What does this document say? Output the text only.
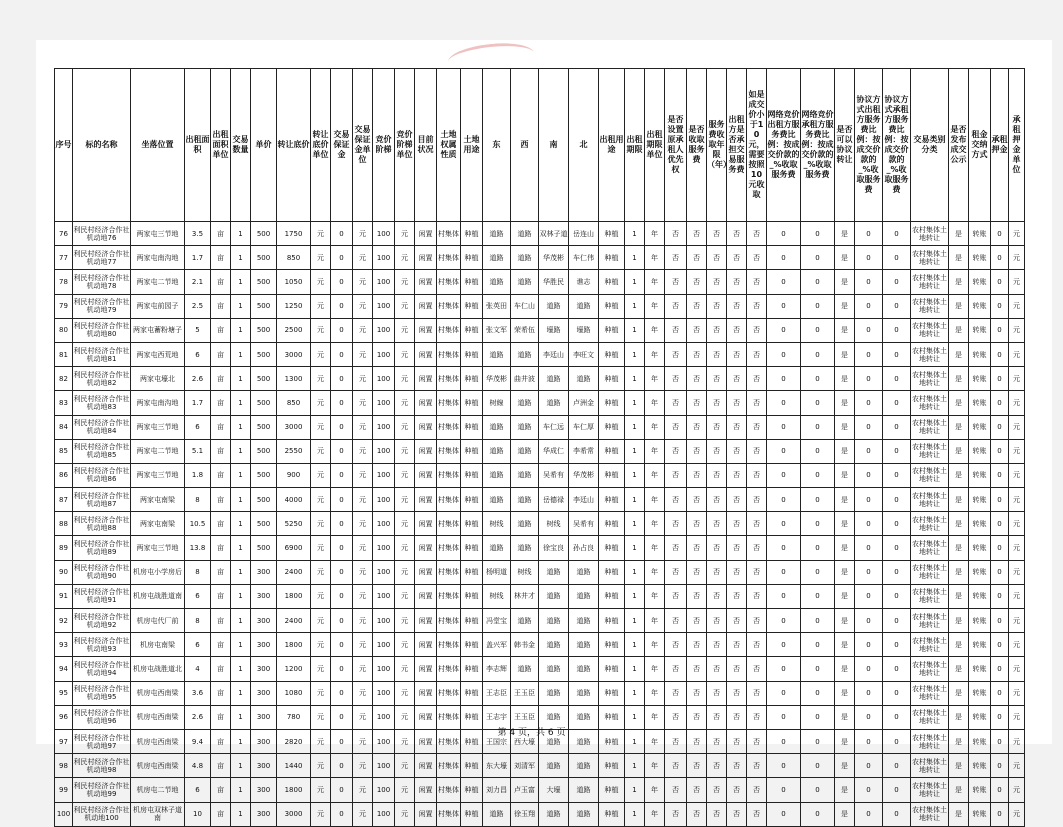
序号	标的名称	坐落位置	出租面积	出租面积单位	交易数量	单价	转让底价	转让底价单位	交易保证金	交易保证金单位	竞价阶梯	竞价阶梯单位	目前状况	土地权属性质	土地用途	东	西	南	北	出租用途	出租期限	出租期限单位	是否设置原承租人优先权	是否收取服务费	服务费收取年限（年）	出租方是否承担交易服务费	如是成交价小于10元，需要按照10元收取	网络竞价出租方服务费比例：按成交价款的_%收取服务费	网络竞价承租方服务费比例：按成交价款的_%收取服务费	是否可以协议转让	协议方式出租方服务费比例：按成交价款的_%收取服务费	协议方式承租方服务费比例：按成交价款的_%收取服务费	交易类别分类	是否发布成交公示	租金交纳方式	承租押金	承租押金单位
76	利民村经济合作社机动地76	两家屯三节地	3.5	亩	1	500	1750	元	0	元	100	元	闲置	村集体	种植	道路	道路	双林子道	岳连山	种植	1	年	否	否	否	否	否	0	0	是	0	0	农村集体土地转让	是	转账	0	元
77	利民村经济合作社机动地77	两家屯南沟地	1.7	亩	1	500	850	元	0	元	100	元	闲置	村集体	种植	道路	道路	华茂彬	车仁伟	种植	1	年	否	否	否	否	否	0	0	是	0	0	农村集体土地转让	是	转账	0	元
78	利民村经济合作社机动地78	两家屯二节地	2.1	亩	1	500	1050	元	0	元	100	元	闲置	村集体	种植	道路	道路	华胜民	谯志	种植	1	年	否	否	否	否	否	0	0	是	0	0	农村集体土地转让	是	转账	0	元
79	利民村经济合作社机动地79	两家屯前园子	2.5	亩	1	500	1250	元	0	元	100	元	闲置	村集体	种植	张英田	车仁山	道路	道路	种植	1	年	否	否	否	否	否	0	0	是	0	0	农村集体土地转让	是	转账	0	元
80	利民村经济合作社机动地80	两家屯蓄粉塘子	5	亩	1	500	2500	元	0	元	100	元	闲置	村集体	种植	张文军	荣希伍	壕路	壕路	种植	1	年	否	否	否	否	否	0	0	是	0	0	农村集体土地转让	是	转账	0	元
81	利民村经济合作社机动地81	两家屯西荒地	6	亩	1	500	3000	元	0	元	100	元	闲置	村集体	种植	道路	道路	李廷山	李旺文	种植	1	年	否	否	否	否	否	0	0	是	0	0	农村集体土地转让	是	转账	0	元
82	利民村经济合作社机动地82	两家屯壕北	2.6	亩	1	500	1300	元	0	元	100	元	闲置	村集体	种植	华茂彬	曲井波	道路	道路	种植	1	年	否	否	否	否	否	0	0	是	0	0	农村集体土地转让	是	转账	0	元
83	利民村经济合作社机动地83	两家屯南沟地	1.7	亩	1	500	850	元	0	元	100	元	闲置	村集体	种植	树線	道路	道路	卢洲金	种植	1	年	否	否	否	否	否	0	0	是	0	0	农村集体土地转让	是	转账	0	元
84	利民村经济合作社机动地84	两家屯三节地	6	亩	1	500	3000	元	0	元	100	元	闲置	村集体	种植	道路	道路	车仁远	车仁厚	种植	1	年	否	否	否	否	否	0	0	是	0	0	农村集体土地转让	是	转账	0	元
85	利民村经济合作社机动地85	两家屯二节地	5.1	亩	1	500	2550	元	0	元	100	元	闲置	村集体	种植	道路	道路	华成仁	李希常	种植	1	年	否	否	否	否	否	0	0	是	0	0	农村集体土地转让	是	转账	0	元
86	利民村经济合作社机动地86	两家屯三节地	1.8	亩	1	500	900	元	0	元	100	元	闲置	村集体	种植	道路	道路	吴希有	华茂彬	种植	1	年	否	否	否	否	否	0	0	是	0	0	农村集体土地转让	是	转账	0	元
87	利民村经济合作社机动地87	两家屯南梁	8	亩	1	500	4000	元	0	元	100	元	闲置	村集体	种植	道路	道路	岳德禄	李廷山	种植	1	年	否	否	否	否	否	0	0	是	0	0	农村集体土地转让	是	转账	0	元
88	利民村经济合作社机动地88	两家屯南梁	10.5	亩	1	500	5250	元	0	元	100	元	闲置	村集体	种植	树线	道路	树线	吴希有	种植	1	年	否	否	否	否	否	0	0	是	0	0	农村集体土地转让	是	转账	0	元
89	利民村经济合作社机动地89	两家屯三节地	13.8	亩	1	500	6900	元	0	元	100	元	闲置	村集体	种植	道路	道路	徐宝良	孙占良	种植	1	年	否	否	否	否	否	0	0	是	0	0	农村集体土地转让	是	转账	0	元
90	利民村经济合作社机动地90	机房屯小学房后	8	亩	1	300	2400	元	0	元	100	元	闲置	村集体	种植	杨明道	树线	道路	道路	种植	1	年	否	否	否	否	否	0	0	是	0	0	农村集体土地转让	是	转账	0	元
91	利民村经济合作社机动地91	机房屯战胜道南	6	亩	1	300	1800	元	0	元	100	元	闲置	村集体	种植	树线	林井才	道路	道路	种植	1	年	否	否	否	否	否	0	0	是	0	0	农村集体土地转让	是	转账	0	元
92	利民村经济合作社机动地92	机房屯代厂前	8	亩	1	300	2400	元	0	元	100	元	闲置	村集体	种植	冯堂宝	道路	道路	道路	种植	1	年	否	否	否	否	否	0	0	是	0	0	农村集体土地转让	是	转账	0	元
93	利民村经济合作社机动地93	机房屯南梁	6	亩	1	300	1800	元	0	元	100	元	闲置	村集体	种植	盖兴军	韩书金	道路	道路	种植	1	年	否	否	否	否	否	0	0	是	0	0	农村集体土地转让	是	转账	0	元
94	利民村经济合作社机动地94	机房屯战胜道北	4	亩	1	300	1200	元	0	元	100	元	闲置	村集体	种植	李志辉	道路	道路	道路	种植	1	年	否	否	否	否	否	0	0	是	0	0	农村集体土地转让	是	转账	0	元
95	利民村经济合作社机动地95	机房屯西南梁	3.6	亩	1	300	1080	元	0	元	100	元	闲置	村集体	种植	王志臣	王玉臣	道路	道路	种植	1	年	否	否	否	否	否	0	0	是	0	0	农村集体土地转让	是	转账	0	元
96	利民村经济合作社机动地96	机房屯西南梁	2.6	亩	1	300	780	元	0	元	100	元	闲置	村集体	种植	王志宇	王玉臣	道路	道路	种植	1	年	否	否	否	否	否	0	0	是	0	0	农村集体土地转让	是	转账	0	元
97	利民村经济合作社机动地97	机房屯西南梁	9.4	亩	1	300	2820	元	0	元	100	元	闲置	村集体	种植	王国宗	西大壕	道路	道路	种植	1	年	否	否	否	否	否	0	0	是	0	0	农村集体土地转让	是	转账	0	元
98	利民村经济合作社机动地98	机房屯西南梁	4.8	亩	1	300	1440	元	0	元	100	元	闲置	村集体	种植	东大壕	刘清军	道路	道路	种植	1	年	否	否	否	否	否	0	0	是	0	0	农村集体土地转让	是	转账	0	元
99	利民村经济合作社机动地99	机房屯二节地	6	亩	1	300	1800	元	0	元	100	元	闲置	村集体	种植	刘力昌	卢玉富	大壕	道路	种植	1	年	否	否	否	否	否	0	0	是	0	0	农村集体土地转让	是	转账	0	元
100	利民村经济合作社机动地100	机房屯双林子道南	10	亩	1	300	3000	元	0	元	100	元	闲置	村集体	种植	道路	徐玉翔	道路	道路	种植	1	年	否	否	否	否	否	0	0	是	0	0	农村集体土地转让	是	转账	0	元
第 4 页，共 6 页
